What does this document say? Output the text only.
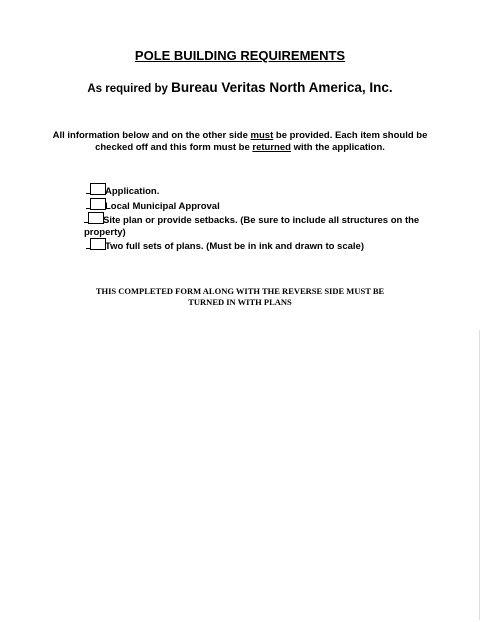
POLE BUILDING REQUIREMENTS
As required by Bureau Veritas North America, Inc.
All information below and on the other side must be provided. Each item should be checked off and this form must be returned with the application.
Application.
Local Municipal Approval
Site plan or provide setbacks. (Be sure to include all structures on the property)
Two full sets of plans. (Must be in ink and drawn to scale)
THIS COMPLETED FORM ALONG WITH THE REVERSE SIDE MUST BE
TURNED IN WITH PLANS
